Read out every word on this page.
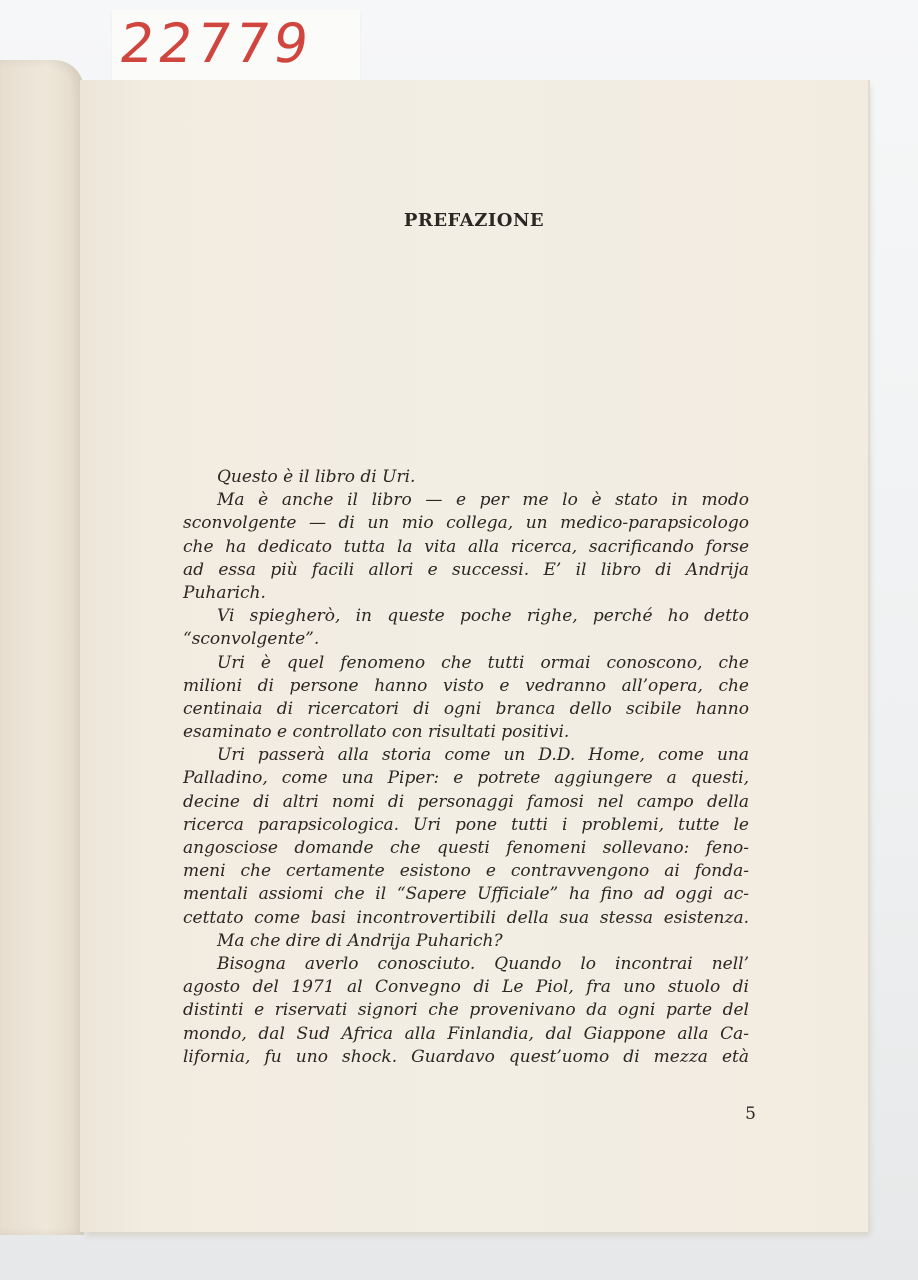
22779
PREFAZIONE
Questo è il libro di Uri.
Ma è anche il libro — e per me lo è stato in modo
sconvolgente — di un mio collega, un medico-parapsicologo
che ha dedicato tutta la vita alla ricerca, sacrificando forse
ad essa più facili allori e successi. E’ il libro di Andrija
Puharich.
Vi spiegherò, in queste poche righe, perché ho detto
“sconvolgente”.
Uri è quel fenomeno che tutti ormai conoscono, che
milioni di persone hanno visto e vedranno all’opera, che
centinaia di ricercatori di ogni branca dello scibile hanno
esaminato e controllato con risultati positivi.
Uri passerà alla storia come un D.D. Home, come una
Palladino, come una Piper: e potrete aggiungere a questi,
decine di altri nomi di personaggi famosi nel campo della
ricerca parapsicologica. Uri pone tutti i problemi, tutte le
angosciose domande che questi fenomeni sollevano: feno-
meni che certamente esistono e contravvengono ai fonda-
mentali assiomi che il “Sapere Ufficiale” ha fino ad oggi ac-
cettato come basi incontrovertibili della sua stessa esistenza.
Ma che dire di Andrija Puharich?
Bisogna averlo conosciuto. Quando lo incontrai nell’
agosto del 1971 al Convegno di Le Piol, fra uno stuolo di
distinti e riservati signori che provenivano da ogni parte del
mondo, dal Sud Africa alla Finlandia, dal Giappone alla Ca-
lifornia, fu uno shock. Guardavo quest’uomo di mezza età
5
